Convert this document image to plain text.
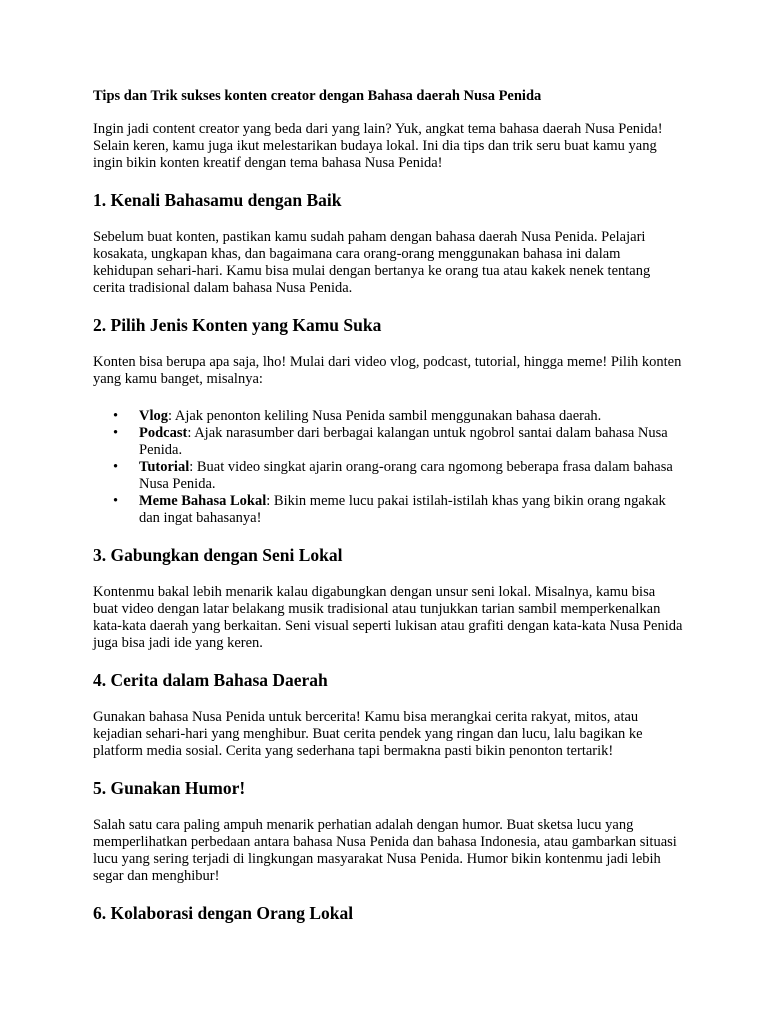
Tips dan Trik sukses konten creator dengan Bahasa daerah Nusa Penida

Ingin jadi content creator yang beda dari yang lain? Yuk, angkat tema bahasa daerah Nusa Penida! Selain keren, kamu juga ikut melestarikan budaya lokal. Ini dia tips dan trik seru buat kamu yang ingin bikin konten kreatif dengan tema bahasa Nusa Penida!

1. Kenali Bahasamu dengan Baik

Sebelum buat konten, pastikan kamu sudah paham dengan bahasa daerah Nusa Penida. Pelajari kosakata, ungkapan khas, dan bagaimana cara orang-orang menggunakan bahasa ini dalam kehidupan sehari-hari. Kamu bisa mulai dengan bertanya ke orang tua atau kakek nenek tentang cerita tradisional dalam bahasa Nusa Penida.

2. Pilih Jenis Konten yang Kamu Suka

Konten bisa berupa apa saja, lho! Mulai dari video vlog, podcast, tutorial, hingga meme! Pilih konten yang kamu banget, misalnya:

• Vlog: Ajak penonton keliling Nusa Penida sambil menggunakan bahasa daerah.
• Podcast: Ajak narasumber dari berbagai kalangan untuk ngobrol santai dalam bahasa Nusa Penida.
• Tutorial: Buat video singkat ajarin orang-orang cara ngomong beberapa frasa dalam bahasa Nusa Penida.
• Meme Bahasa Lokal: Bikin meme lucu pakai istilah-istilah khas yang bikin orang ngakak dan ingat bahasanya!
3. Gabungkan dengan Seni Lokal

Kontenmu bakal lebih menarik kalau digabungkan dengan unsur seni lokal. Misalnya, kamu bisa buat video dengan latar belakang musik tradisional atau tunjukkan tarian sambil memperkenalkan kata-kata daerah yang berkaitan. Seni visual seperti lukisan atau grafiti dengan kata-kata Nusa Penida juga bisa jadi ide yang keren.

4. Cerita dalam Bahasa Daerah

Gunakan bahasa Nusa Penida untuk bercerita! Kamu bisa merangkai cerita rakyat, mitos, atau kejadian sehari-hari yang menghibur. Buat cerita pendek yang ringan dan lucu, lalu bagikan ke platform media sosial. Cerita yang sederhana tapi bermakna pasti bikin penonton tertarik!

5. Gunakan Humor!

Salah satu cara paling ampuh menarik perhatian adalah dengan humor. Buat sketsa lucu yang memperlihatkan perbedaan antara bahasa Nusa Penida dan bahasa Indonesia, atau gambarkan situasi lucu yang sering terjadi di lingkungan masyarakat Nusa Penida. Humor bikin kontenmu jadi lebih segar dan menghibur!

6. Kolaborasi dengan Orang Lokal
